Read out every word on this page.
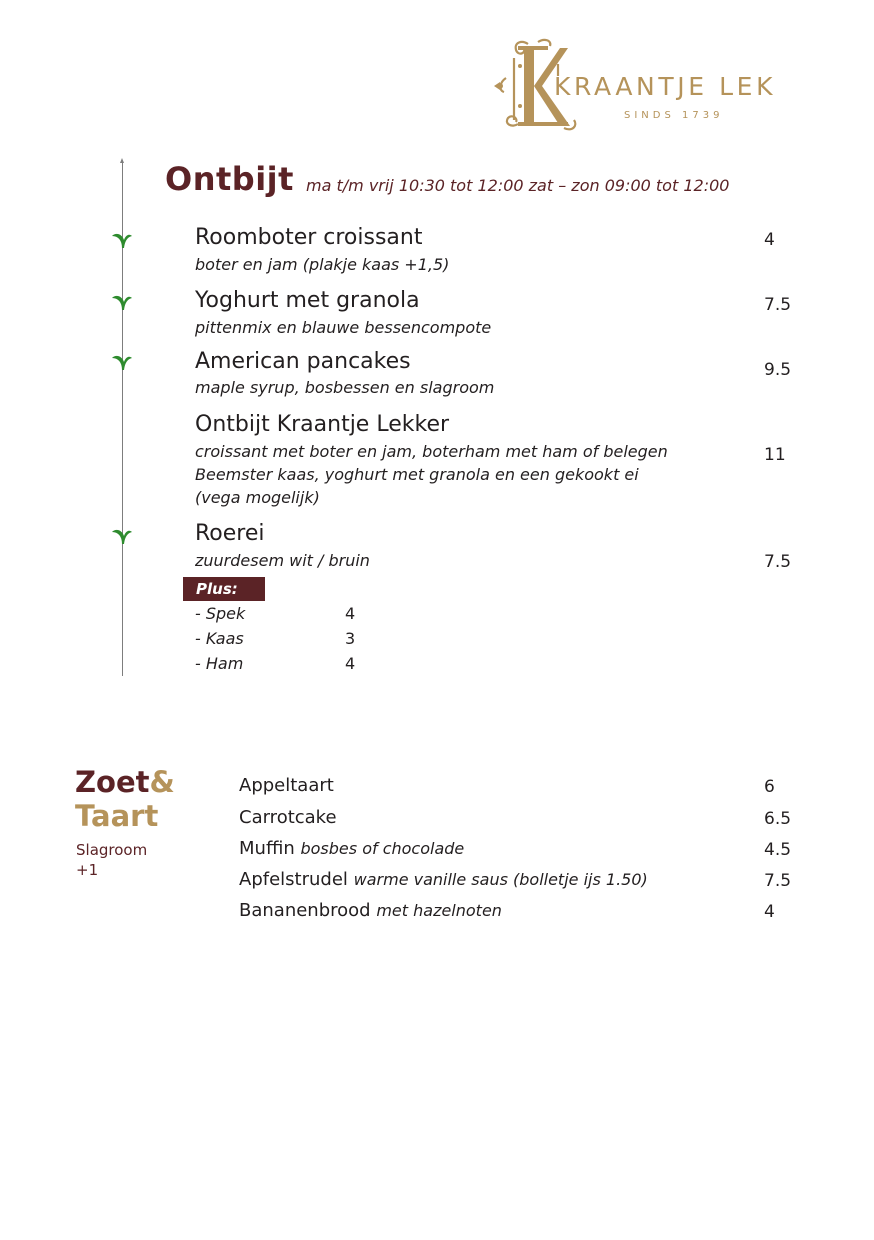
KRAANTJE LEK
SINDS 1739
Ontbijt ma t/m vrij 10:30 tot 12:00 zat – zon 09:00 tot 12:00
Roomboter croissant
boter en jam (plakje kaas +1,5)
4
Yoghurt met granola
pittenmix en blauwe bessencompote
7.5
American pancakes
maple syrup, bosbessen en slagroom
9.5
Ontbijt Kraantje Lekker
croissant met boter en jam, boterham met ham of belegen
Beemster kaas, yoghurt met granola en een gekookt ei
(vega mogelijk)
11
Roerei
zuurdesem wit / bruin	7.5
Plus:
- Spek	4
- Kaas	3
- Ham	4
Zoet&
Taart
Slagroom
+1
Appeltaart	6
Carrotcake	6.5
Muffin bosbes of chocolade	4.5
Apfelstrudel warme vanille saus (bolletje ijs 1.50)	7.5
Bananenbrood met hazelnoten	4
